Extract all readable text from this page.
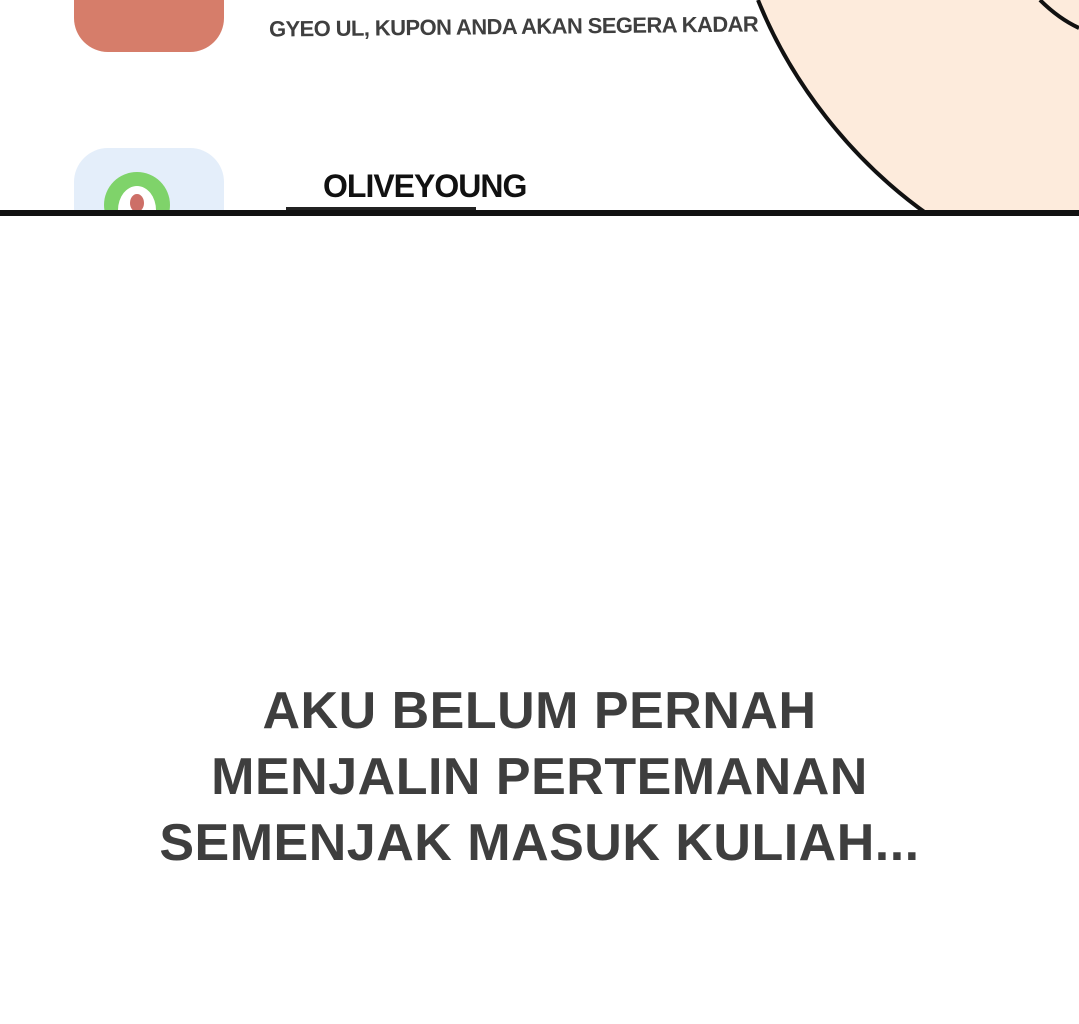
GYEO UL, KUPON ANDA AKAN SEGERA KADAR
OLIVEYOUNG
AKU BELUM PERNAH
MENJALIN PERTEMANAN
SEMENJAK MASUK KULIAH...
